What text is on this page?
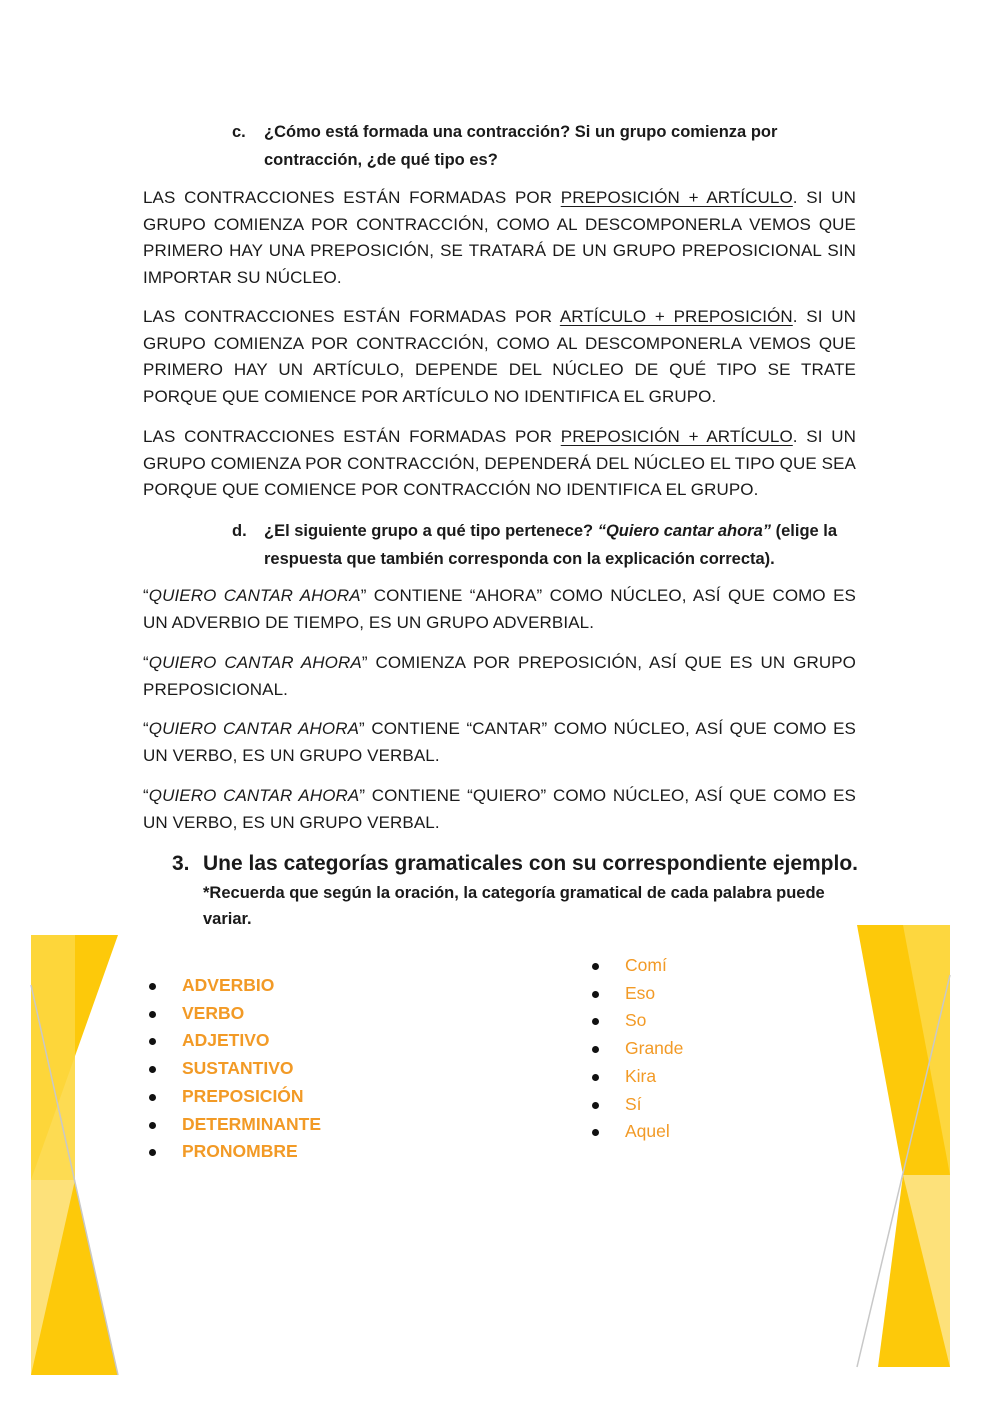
c. ¿Cómo está formada una contracción? Si un grupo comienza por contracción, ¿de qué tipo es?
LAS CONTRACCIONES ESTÁN FORMADAS POR PREPOSICIÓN + ARTÍCULO. SI UN GRUPO COMIENZA POR CONTRACCIÓN, COMO AL DESCOMPONERLA VEMOS QUE PRIMERO HAY UNA PREPOSICIÓN, SE TRATARÁ DE UN GRUPO PREPOSICIONAL SIN IMPORTAR SU NÚCLEO.
LAS CONTRACCIONES ESTÁN FORMADAS POR ARTÍCULO + PREPOSICIÓN. SI UN GRUPO COMIENZA POR CONTRACCIÓN, COMO AL DESCOMPONERLA VEMOS QUE PRIMERO HAY UN ARTÍCULO, DEPENDE DEL NÚCLEO DE QUÉ TIPO SE TRATE PORQUE QUE COMIENCE POR ARTÍCULO NO IDENTIFICA EL GRUPO.
LAS CONTRACCIONES ESTÁN FORMADAS POR PREPOSICIÓN + ARTÍCULO. SI UN GRUPO COMIENZA POR CONTRACCIÓN, DEPENDERÁ DEL NÚCLEO EL TIPO QUE SEA PORQUE QUE COMIENCE POR CONTRACCIÓN NO IDENTIFICA EL GRUPO.
d. ¿El siguiente grupo a qué tipo pertenece? “Quiero cantar ahora” (elige la respuesta que también corresponda con la explicación correcta).
“QUIERO CANTAR AHORA” CONTIENE “AHORA” COMO NÚCLEO, ASÍ QUE COMO ES UN ADVERBIO DE TIEMPO, ES UN GRUPO ADVERBIAL.
“QUIERO CANTAR AHORA” COMIENZA POR PREPOSICIÓN, ASÍ QUE ES UN GRUPO PREPOSICIONAL.
“QUIERO CANTAR AHORA” CONTIENE “CANTAR” COMO NÚCLEO, ASÍ QUE COMO ES UN VERBO, ES UN GRUPO VERBAL.
“QUIERO CANTAR AHORA” CONTIENE “QUIERO” COMO NÚCLEO, ASÍ QUE COMO ES UN VERBO, ES UN GRUPO VERBAL.
3. Une las categorías gramaticales con su correspondiente ejemplo.
*Recuerda que según la oración, la categoría gramatical de cada palabra puede variar.
ADVERBIO
VERBO
ADJETIVO
SUSTANTIVO
PREPOSICIÓN
DETERMINANTE
PRONOMBRE
Comí
Eso
So
Grande
Kira
Sí
Aquel
